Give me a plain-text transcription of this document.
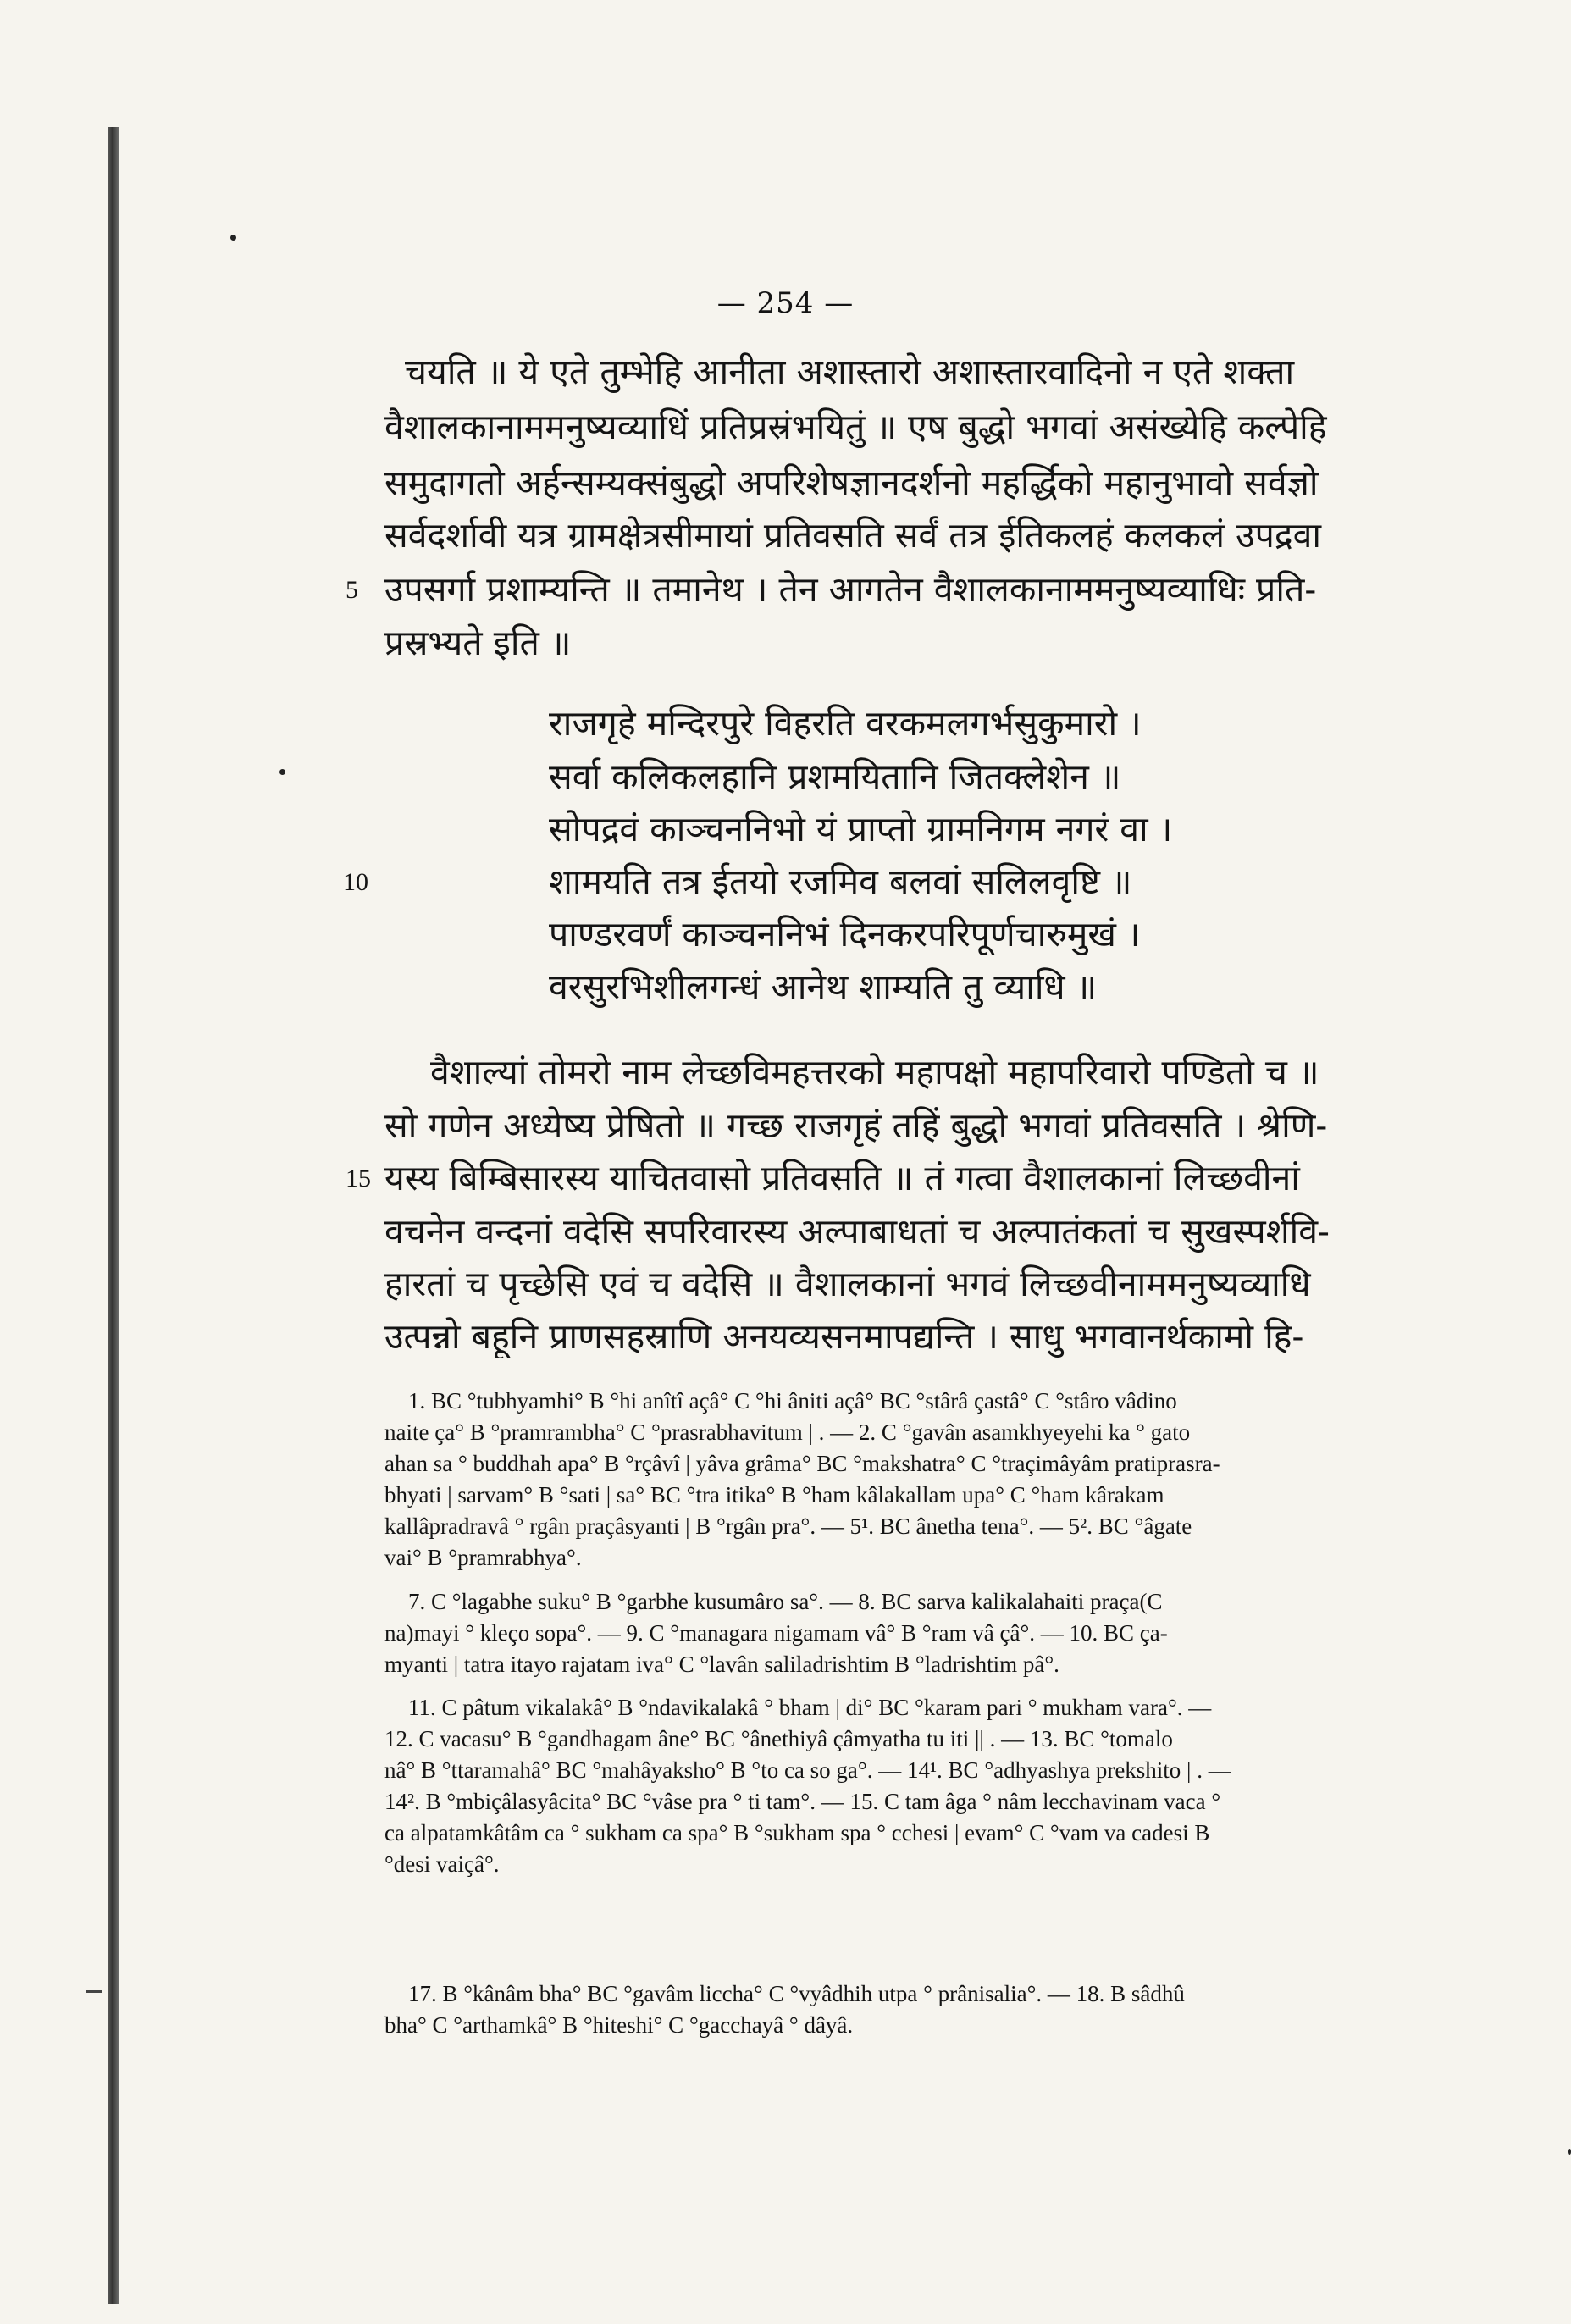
— 254 —
चयति ॥ ये एते तुम्भेहि आनीता अशास्तारो अशास्तारवादिनो न एते शक्ता
वैशालकानाममनुष्यव्याधिं प्रतिप्रस्रंभयितुं ॥ एष बुद्धो भगवां असंख्येहि कल्पेहि
समुदागतो अर्हन्सम्यक्संबुद्धो अपरिशेषज्ञानदर्शनो महर्द्धिको महानुभावो सर्वज्ञो
सर्वदर्शावी यत्र ग्रामक्षेत्रसीमायां प्रतिवसति सर्वं तत्र ईतिकलहं कलकलं उपद्रवा
5 उपसर्गा प्रशाम्यन्ति ॥ तमानेथ । तेन आगतेन वैशालकानाममनुष्यव्याधिः प्रति-
प्रस्रभ्यते इति ॥
राजगृहे मन्दिरपुरे विहरति वरकमलगर्भसुकुमारो ।
सर्वा कलिकलहानि प्रशमयितानि जितक्लेशेन ॥
सोपद्रवं काञ्चननिभो यं प्राप्तो ग्रामनिगम नगरं वा ।
10	शामयति तत्र ईतयो रजमिव बलवां सलिलवृष्टि ॥
पाण्डरवर्णं काञ्चननिभं दिनकरपरिपूर्णचारुमुखं ।
वरसुरभिशीलगन्धं आनेथ शाम्यति तु व्याधि ॥
वैशाल्यां तोमरो नाम लेच्छविमहत्तरको महापक्षो महापरिवारो पण्डितो च ॥
सो गणेन अध्येष्य प्रेषितो ॥ गच्छ राजगृहं तहिं बुद्धो भगवां प्रतिवसति । श्रेणि-
15 यस्य बिम्बिसारस्य याचितवासो प्रतिवसति ॥ तं गत्वा वैशालकानां लिच्छवीनां
वचनेन वन्दनां वदेसि सपरिवारस्य अल्पाबाधतां च अल्पातंकतां च सुखस्पर्शवि-
हारतां च पृच्छेसि एवं च वदेसि ॥ वैशालकानां भगवं लिच्छवीनाममनुष्यव्याधि
उत्पन्नो बहूनि प्राणसहस्राणि अनयव्यसनमापद्यन्ति । साधु भगवानर्थकामो हि-
1. BC °tubhyamhi° B °hi anîtî açâ° C °hi âniti açâ° BC °stârâ çastâ° C °stâro vâdino
naite ça° B °pramrambha° C °prasrabhavitum | . — 2. C °gavân asamkhyeyehi ka ° gato
ahan sa ° buddhah apa° B °rçâvî | yâva grâma° BC °makshatra° C °traçimâyâm pratiprasra-
bhyati | sarvam° B °sati | sa° BC °tra itika° B °ham kâlakallam upa° C °ham kârakam
kallâpradravâ ° rgân praçâsyanti | B °rgân pra°. — 5¹. BC ânetha tena°. — 5². BC °âgate
vai° B °pramrabhya°.
7. C °lagabhe suku° B °garbhe kusumâro sa°. — 8. BC sarva kalikalahaiti praça(C
na)mayi ° kleço sopa°. — 9. C °managara nigamam vâ° B °ram vâ çâ°. — 10. BC ça-
myanti | tatra itayo rajatam iva° C °lavân saliladrishtim B °ladrishtim pâ°.
11. C pâtum vikalakâ° B °ndavikalakâ ° bham | di° BC °karam pari ° mukham vara°. —
12. C vacasu° B °gandhagam âne° BC °ânethiyâ çâmyatha tu iti || . — 13. BC °tomalo
nâ° B °ttaramahâ° BC °mahâyaksho° B °to ca so ga°. — 14¹. BC °adhyashya prekshito | . —
14². B °mbiçâlasyâcita° BC °vâse pra ° ti tam°. — 15. C tam âga ° nâm lecchavinam vaca °
ca alpatamkâtâm ca ° sukham ca spa° B °sukham spa ° cchesi | evam° C °vam va cadesi B
°desi vaiçâ°.
17. B °kânâm bha° BC °gavâm liccha° C °vyâdhih utpa ° prânisalia°. — 18. B sâdhû
bha° C °arthamkâ° B °hiteshi° C °gacchayâ ° dâyâ.
